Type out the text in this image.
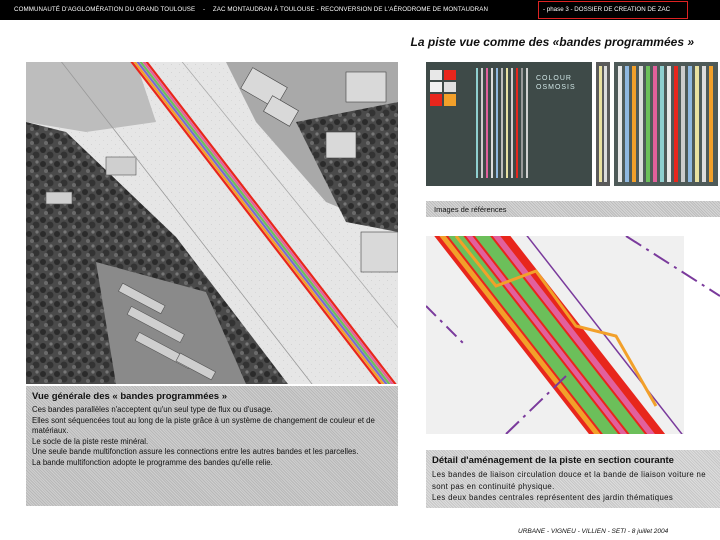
COMMUNAUTÉ D'AGGLOMÉRATION DU GRAND TOULOUSE - ZAC MONTAUDRAN À TOULOUSE - RECONVERSION DE L'AÉRODROME DE MONTAUDRAN	- phase 3 - DOSSIER DE CREATION DE ZAC
La piste vue comme des «bandes programmées »
COLOUR
OSMOSIS
Images de références
Vue générale des « bandes programmées »
Ces bandes parallèles n'acceptent qu'un seul type de flux ou d'usage.
Elles sont séquencées tout au long de la piste grâce à un système de changement de couleur et de matériaux.
Le socle de la piste reste minéral.
Une seule bande multifonction assure les connections entre les autres bandes et les parcelles.
La bande multifonction adopte le programme des bandes qu'elle relie.	Détail d'aménagement de la piste en section courante
Les bandes de liaison circulation douce et la bande de liaison voiture ne sont pas en continuité physique.
Les deux bandes centrales représentent des jardin thématiques
URBANE - VIGNEU - VILLIEN - SETI - 8 juillet 2004
